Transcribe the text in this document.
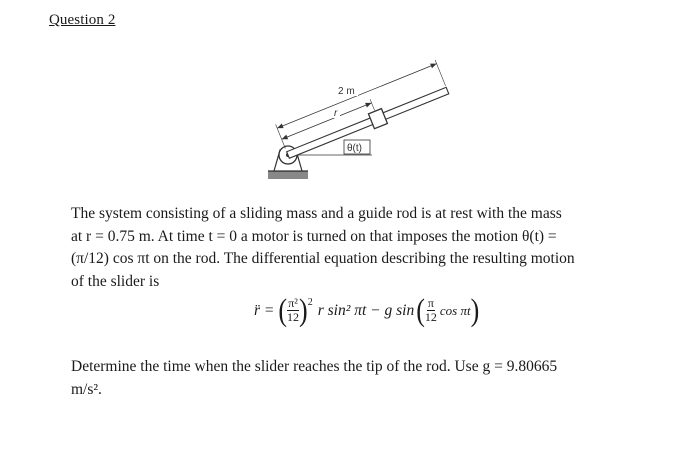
Question 2
2 m
r
θ(t)
The system consisting of a sliding mass and a guide rod is at rest with the mass
at r = 0.75 m. At time t = 0 a motor is turned on that imposes the motion θ(t) =
(π/12) cos πt on the rod. The differential equation describing the resulting motion
of the slider is
r̈ = ( $\frac{\text{π²}}{12}$ ) 2 r sin² πt − g sin ( $\frac{\pi}{12}$ cos πt )
Determine the time when the slider reaches the tip of the rod. Use g = 9.80665
m/s².
